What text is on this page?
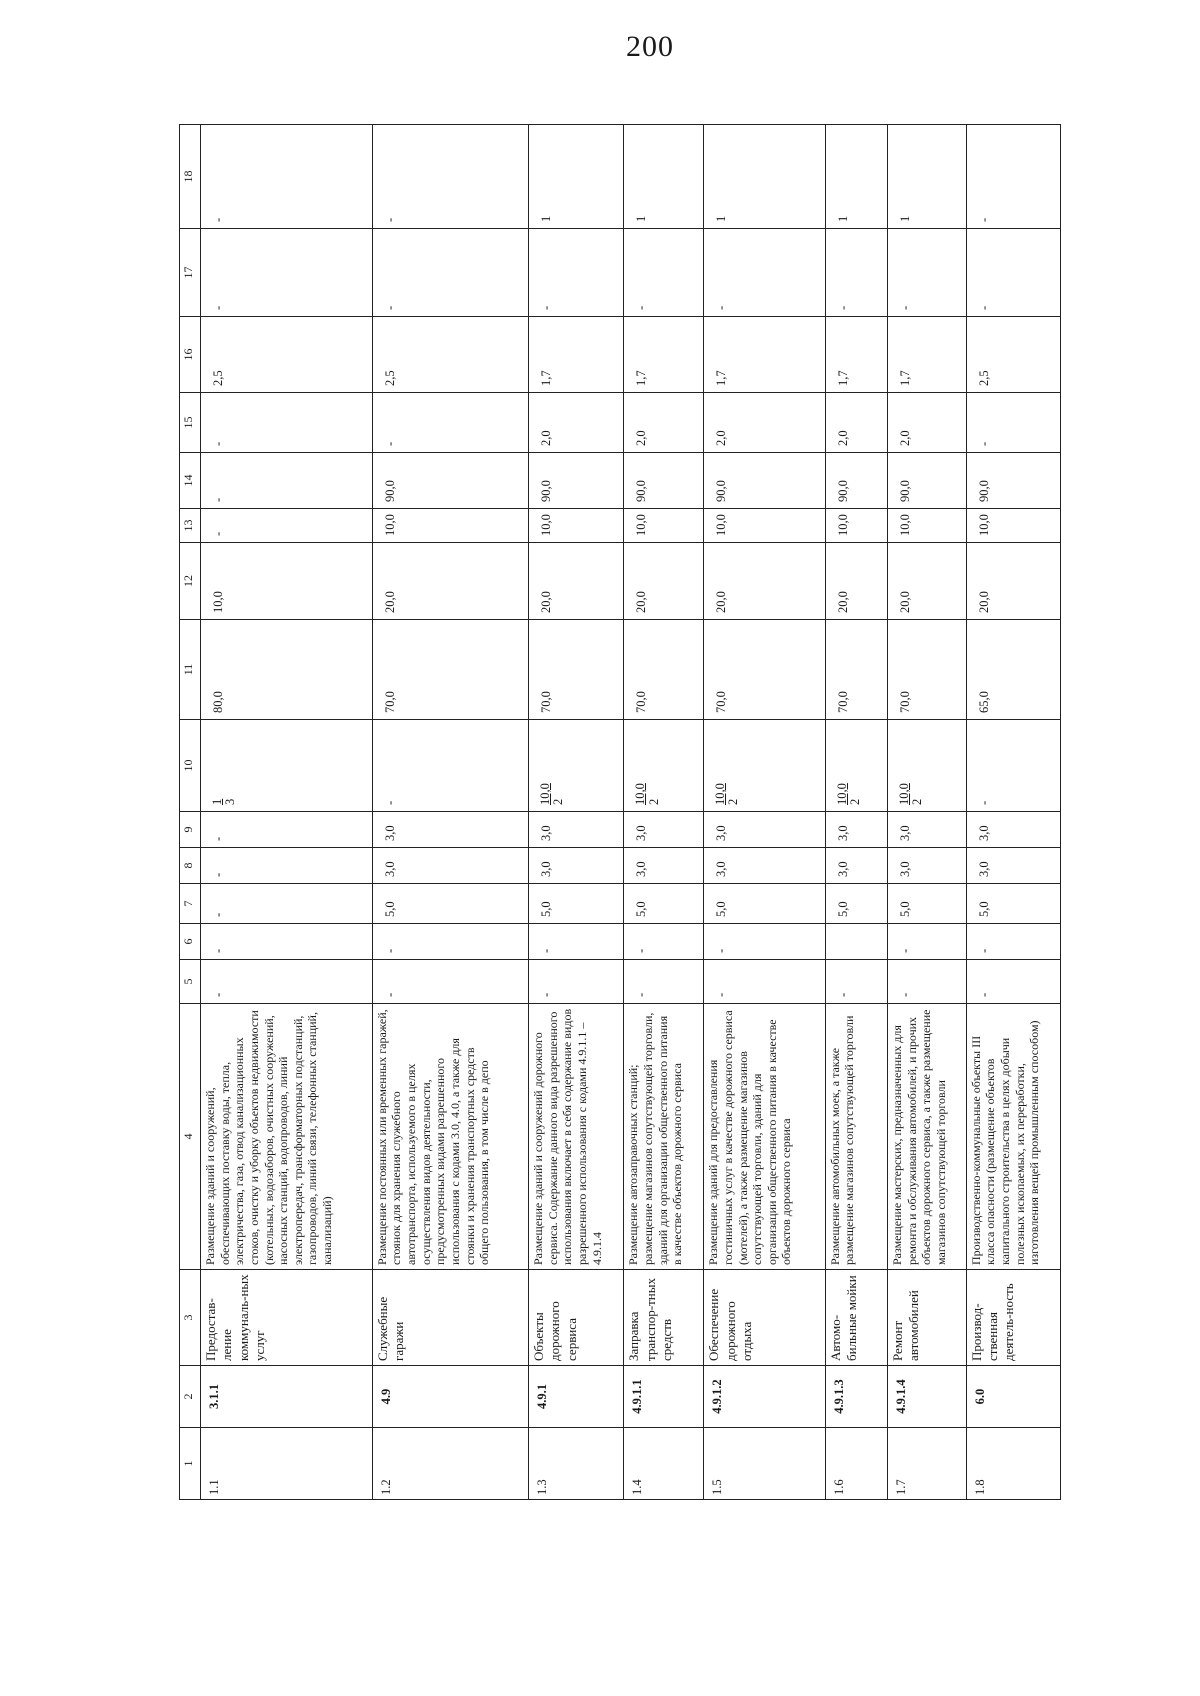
200
1	2	3	4	5	6	7	8	9	10	11	12	13	14	15	16	17	18
1.1	3.1.1	Предостав-ление коммуналь-ных услуг	Размещение зданий и сооружений, обеспечивающих поставку воды, тепла, электричества, газа, отвод канализационных стоков, очистку и уборку объектов недвижимости (котельных, водозаборов, очистных сооружений, насосных станций, водопроводов, линий электропередач, трансформаторных подстанций, газопроводов, линий связи, телефонных станций, канализаций)	-	-	-	-	-	1 3	80,0	10,0	-	-	-	2,5	-	-
1.2	4.9	Служебные гаражи	Размещение постоянных или временных гаражей, стоянок для хранения служебного автотранспорта, используемого в целях осуществления видов деятельности, предусмотренных видами разрешенного использования с кодами 3.0, 4.0, а также для стоянки и хранения транспортных средств общего пользования, в том числе в депо	-	-	5,0	3,0	3,0	-	70,0	20,0	10,0	90,0	-	2,5	-	-
1.3	4.9.1	Объекты дорожного сервиса	Размещение зданий и сооружений дорожного сервиса. Содержание данного вида разрешенного использования включает в себя содержание видов разрешенного использования с кодами 4.9.1.1 – 4.9.1.4	-	-	5,0	3,0	3,0	10,0 2	70,0	20,0	10,0	90,0	2,0	1,7	-	1
1.4	4.9.1.1	Заправка транспор-тных средств	Размещение автозаправочных станций; размещение магазинов сопутствующей торговли, зданий для организации общественного питания в качестве объектов дорожного сервиса	-	-	5,0	3,0	3,0	10,0 2	70,0	20,0	10,0	90,0	2,0	1,7	-	1
1.5	4.9.1.2	Обеспечение дорожного отдыха	Размещение зданий для предоставления гостиничных услуг в качестве дорожного сервиса (мотелей), а также размещение магазинов сопутствующей торговли, зданий для организации общественного питания в качестве объектов дорожного сервиса	-	-	5,0	3,0	3,0	10,0 2	70,0	20,0	10,0	90,0	2,0	1,7	-	1
1.6	4.9.1.3	Автомо-бильные мойки	Размещение автомобильных моек, а также размещение магазинов сопутствующей торговли	-		5,0	3,0	3,0	10,0 2	70,0	20,0	10,0	90,0	2,0	1,7	-	1
1.7	4.9.1.4	Ремонт автомобилей	Размещение мастерских, предназначенных для ремонта и обслуживания автомобилей, и прочих объектов дорожного сервиса, а также размещение магазинов сопутствующей торговли	-	-	5,0	3,0	3,0	10,0 2	70,0	20,0	10,0	90,0	2,0	1,7	-	1
1.8	6.0	Производ-ственная деятель-ность	Производственно-коммунальные объекты III класса опасности (размещение объектов капитального строительства в целях добычи полезных ископаемых, их переработки, изготовления вещей промышленным способом)	-	-	5,0	3,0	3,0	-	65,0	20,0	10,0	90,0	-	2,5	-	-
